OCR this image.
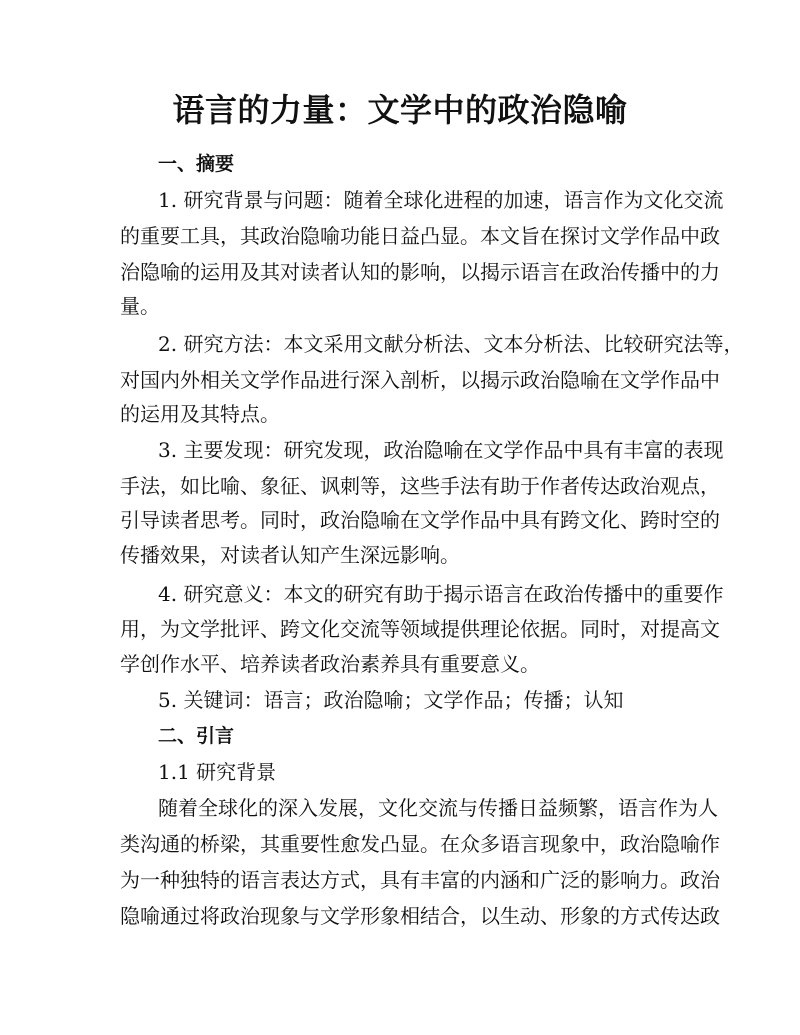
语言的力量：文学中的政治隐喻
一、摘要
1. 研究背景与问题：随着全球化进程的加速，语言作为文化交流
的重要工具，其政治隐喻功能日益凸显。本文旨在探讨文学作品中政
治隐喻的运用及其对读者认知的影响，以揭示语言在政治传播中的力
量。
2. 研究方法：本文采用文献分析法、文本分析法、比较研究法等，
对国内外相关文学作品进行深入剖析，以揭示政治隐喻在文学作品中
的运用及其特点。
3. 主要发现：研究发现，政治隐喻在文学作品中具有丰富的表现
手法，如比喻、象征、讽刺等，这些手法有助于作者传达政治观点，
引导读者思考。同时，政治隐喻在文学作品中具有跨文化、跨时空的
传播效果，对读者认知产生深远影响。
4. 研究意义：本文的研究有助于揭示语言在政治传播中的重要作
用，为文学批评、跨文化交流等领域提供理论依据。同时，对提高文
学创作水平、培养读者政治素养具有重要意义。
5. 关键词：语言；政治隐喻；文学作品；传播；认知
二、引言
1.1 研究背景
随着全球化的深入发展，文化交流与传播日益频繁，语言作为人
类沟通的桥梁，其重要性愈发凸显。在众多语言现象中，政治隐喻作
为一种独特的语言表达方式，具有丰富的内涵和广泛的影响力。政治
隐喻通过将政治现象与文学形象相结合，以生动、形象的方式传达政
